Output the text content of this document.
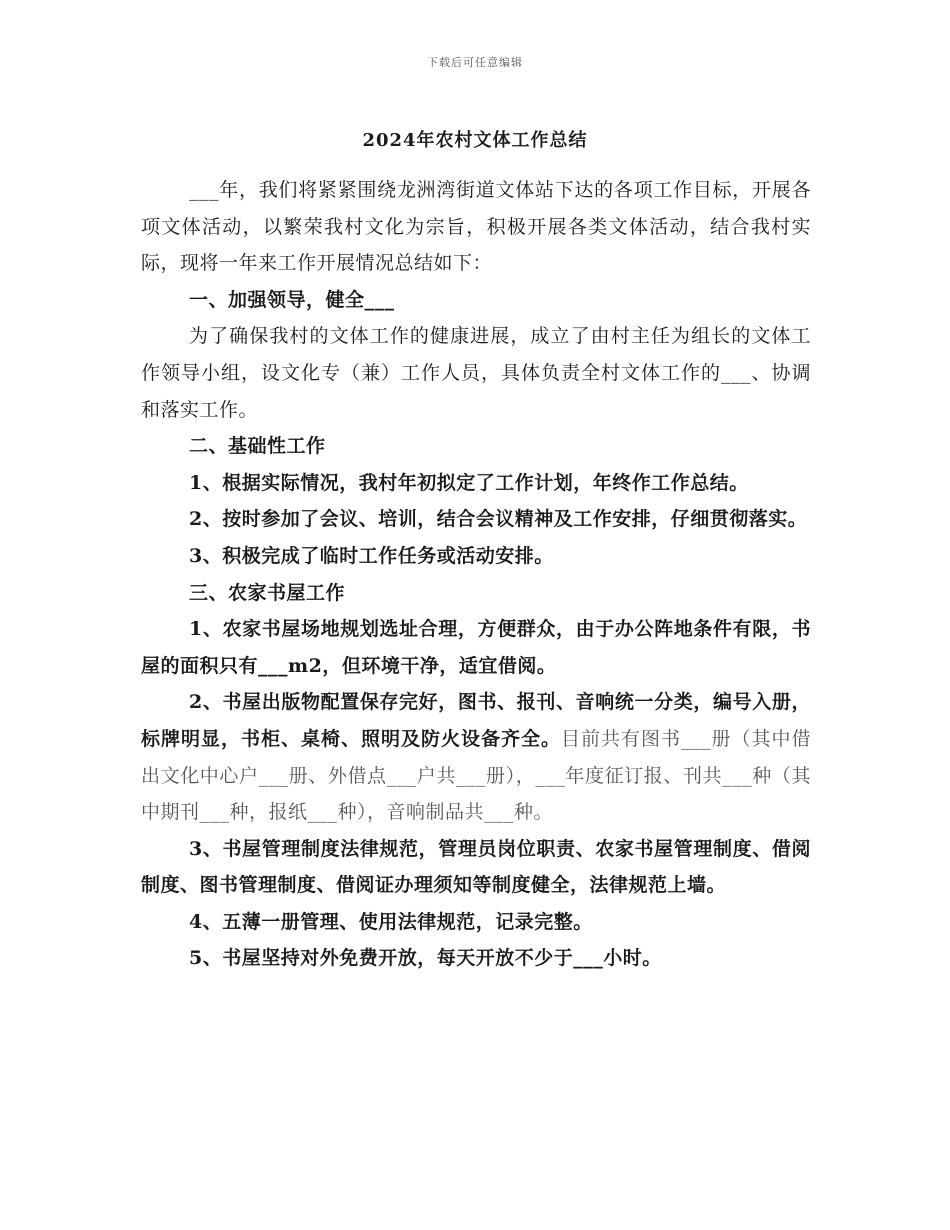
下载后可任意编辑
2024年农村文体工作总结

___年，我们将紧紧围绕龙洲湾街道文体站下达的各项工作目标，开展各项文体活动，以繁荣我村文化为宗旨，积极开展各类文体活动，结合我村实际，现将一年来工作开展情况总结如下：

一、加强领导，健全___

为了确保我村的文体工作的健康进展，成立了由村主任为组长的文体工作领导小组，设文化专（兼）工作人员，具体负责全村文体工作的___、协调和落实工作。

二、基础性工作

1、根据实际情况，我村年初拟定了工作计划，年终作工作总结。

2、按时参加了会议、培训，结合会议精神及工作安排，仔细贯彻落实。

3、积极完成了临时工作任务或活动安排。

三、农家书屋工作

1、农家书屋场地规划选址合理，方便群众，由于办公阵地条件有限，书屋的面积只有___m2，但环境干净，适宜借阅。

2、书屋出版物配置保存完好，图书、报刊、音响统一分类，编号入册，标牌明显，书柜、桌椅、照明及防火设备齐全。目前共有图书___册（其中借出文化中心户___册、外借点___户共___册），___年度征订报、刊共___种（其中期刊___种，报纸___种），音响制品共___种。

3、书屋管理制度法律规范，管理员岗位职责、农家书屋管理制度、借阅制度、图书管理制度、借阅证办理须知等制度健全，法律规范上墙。

4、五薄一册管理、使用法律规范，记录完整。

5、书屋坚持对外免费开放，每天开放不少于___小时。
